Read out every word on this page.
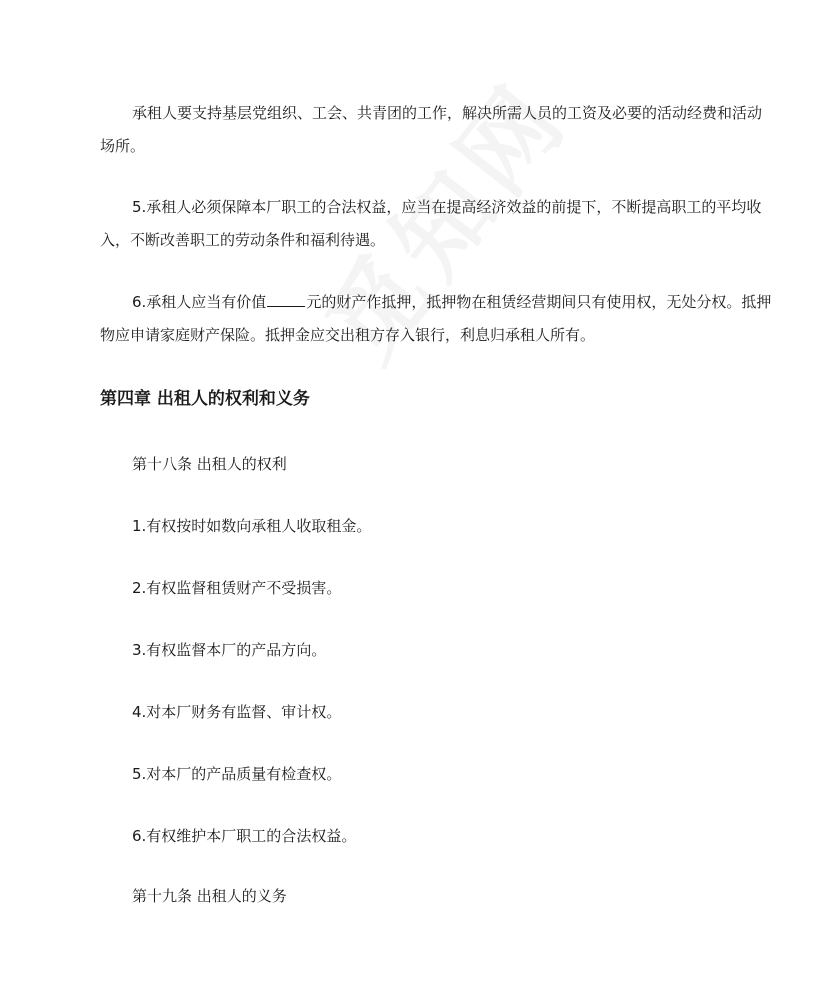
承租人要支持基层党组织、工会、共青团的工作，解决所需人员的工资及必要的活动经费和活动场所。

5.承租人必须保障本厂职工的合法权益，应当在提高经济效益的前提下，不断提高职工的平均收入，不断改善职工的劳动条件和福利待遇。

6.承租人应当有价值	元的财产作抵押，抵押物在租赁经营期间只有使用权，无处分权。抵押物应申请家庭财产保险。抵押金应交出租方存入银行，利息归承租人所有。

第四章 出租人的权利和义务
第十八条 出租人的权利
1.有权按时如数向承租人收取租金。
2.有权监督租赁财产不受损害。
3.有权监督本厂的产品方向。
4.对本厂财务有监督、审计权。
5.对本厂的产品质量有检查权。
6.有权维护本厂职工的合法权益。
第十九条 出租人的义务
